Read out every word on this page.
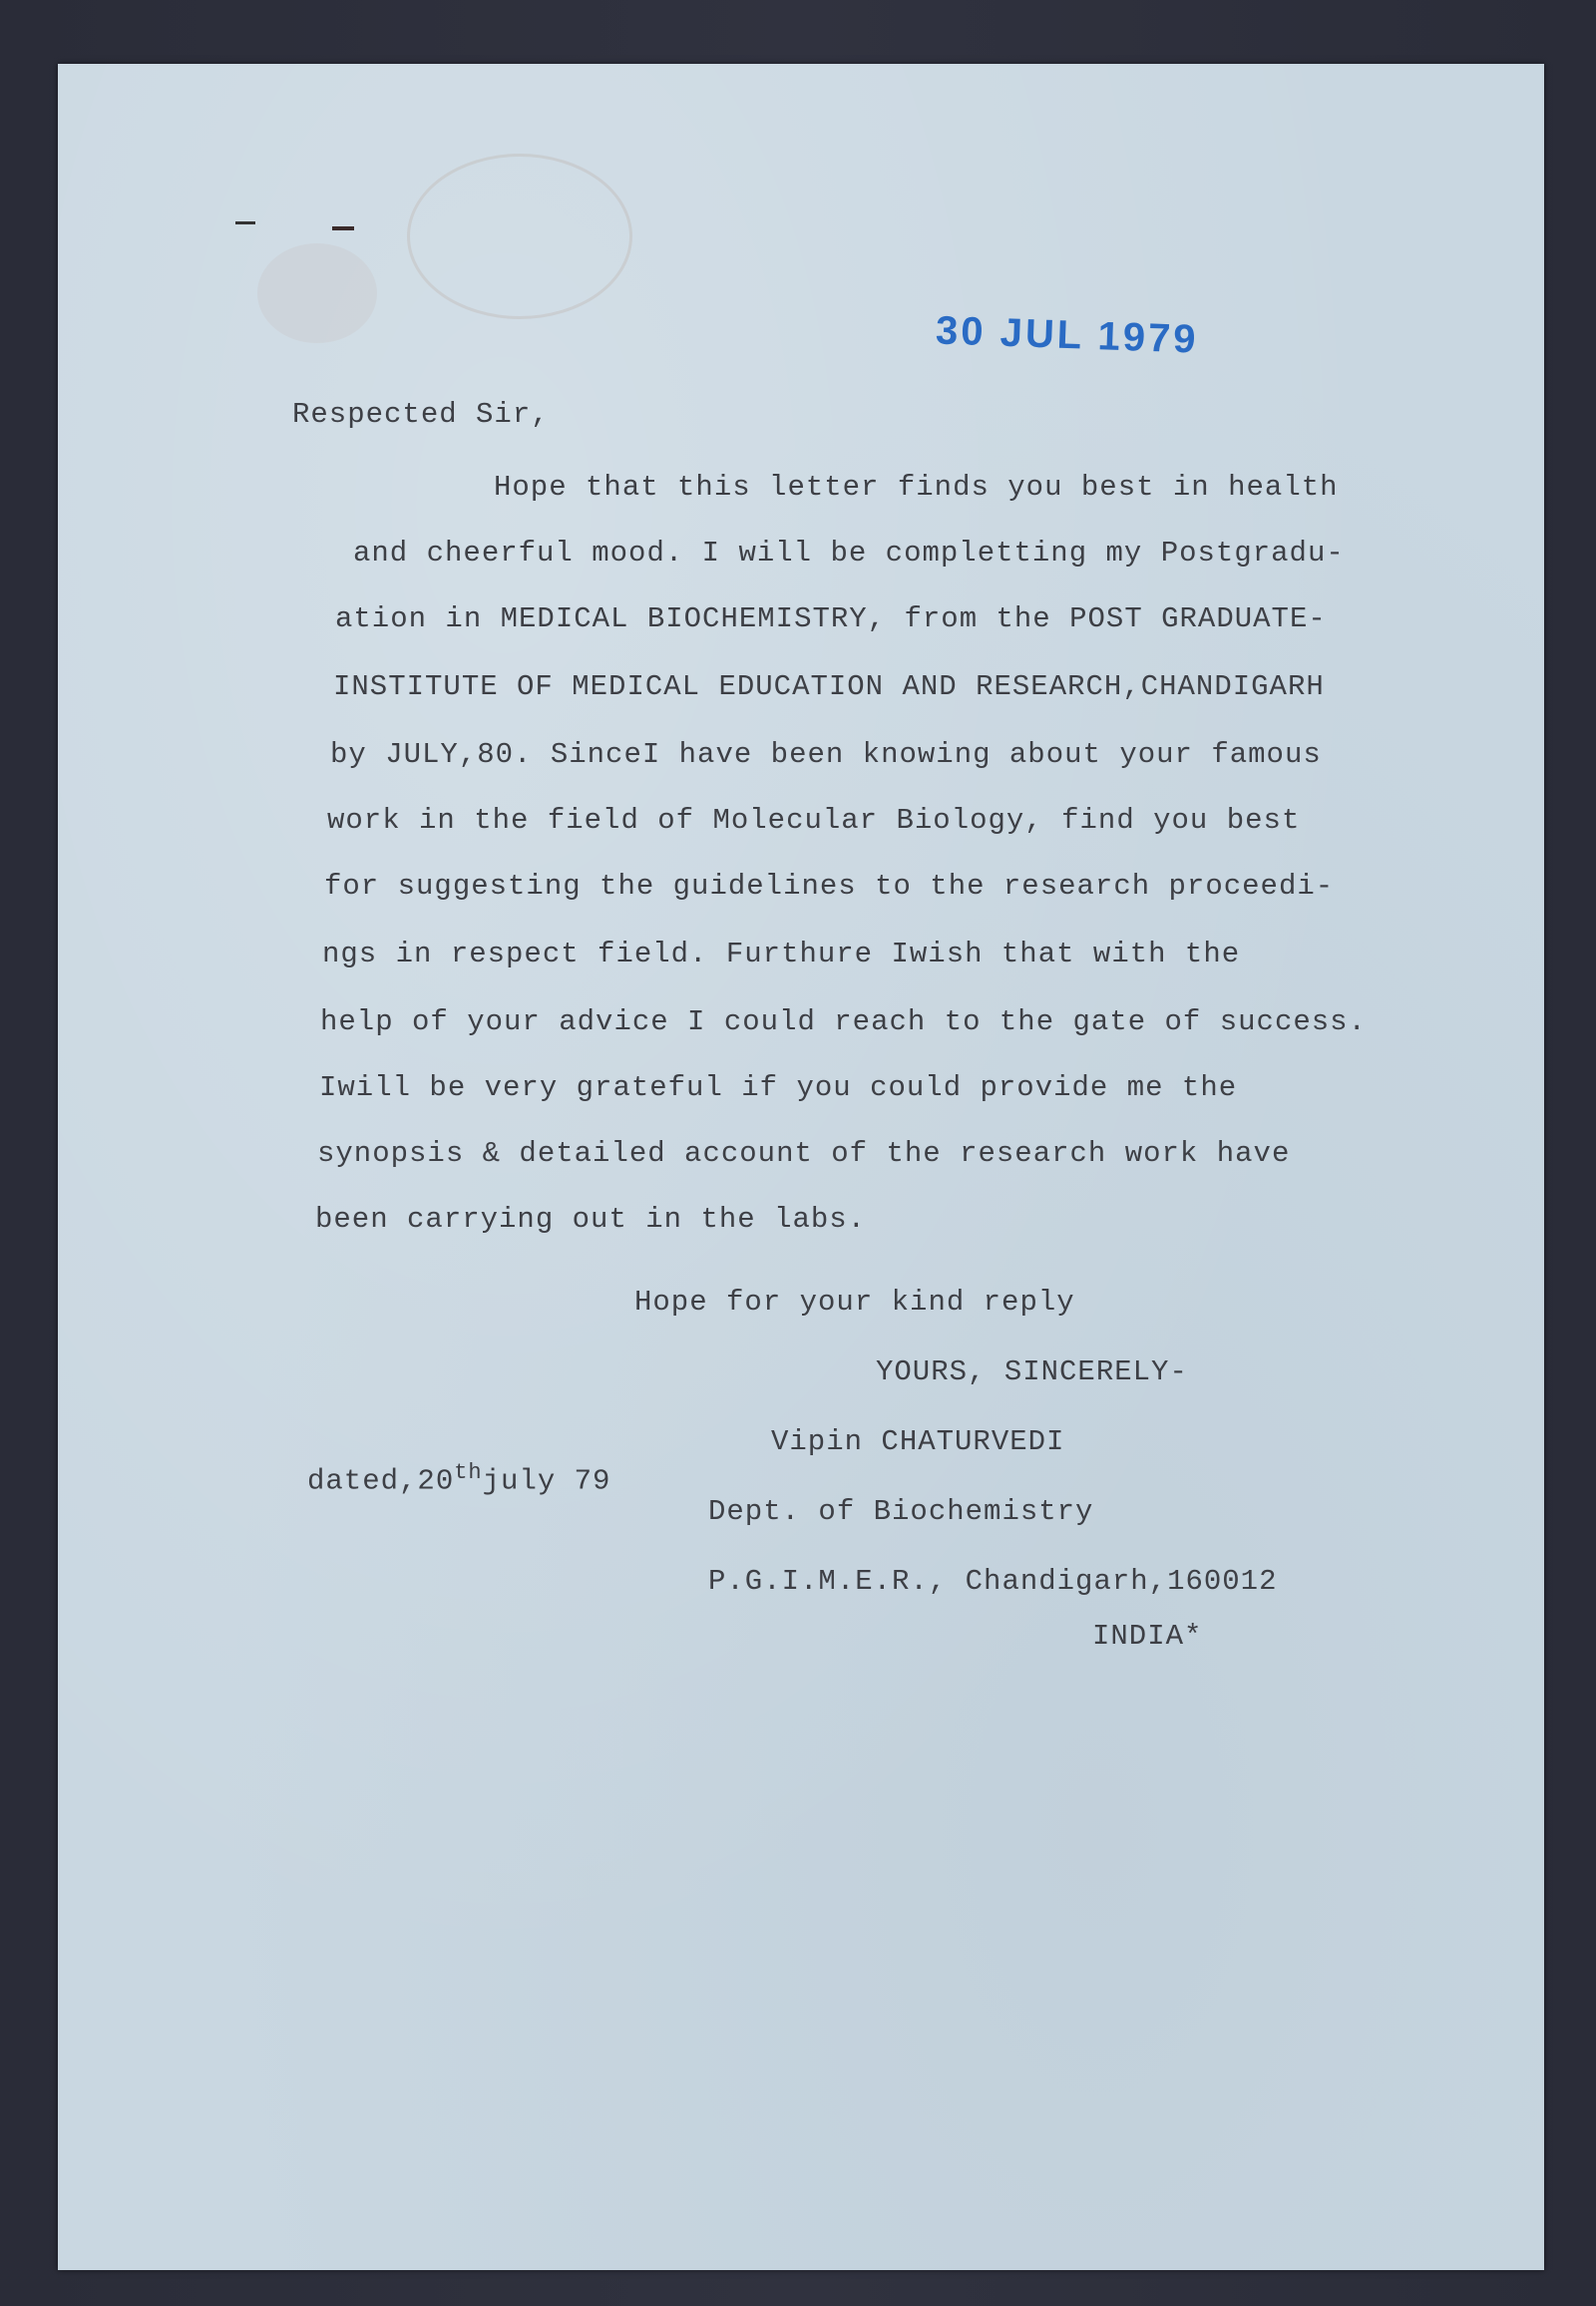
30 JUL 1979
Respected Sir,
Hope that this letter finds you best in health
and cheerful mood. I will be completting my Postgradu-
ation in MEDICAL BIOCHEMISTRY, from the POST GRADUATE-
INSTITUTE OF MEDICAL EDUCATION AND RESEARCH,CHANDIGARH
by JULY,80. SinceI have been knowing about your famous
work in the field of Molecular Biology, find you best
for suggesting the guidelines to the research proceedi-
ngs in respect field. Furthure Iwish that with the
help of your advice I could reach to the gate of success.
Iwill be very grateful if you could provide me the
synopsis & detailed account of the research work have
been carrying out in the labs.
Hope for your kind reply
YOURS, SINCERELY-
Vipin CHATURVEDI
dated,20thjuly 79
Dept. of Biochemistry
P.G.I.M.E.R., Chandigarh,160012
INDIA*
